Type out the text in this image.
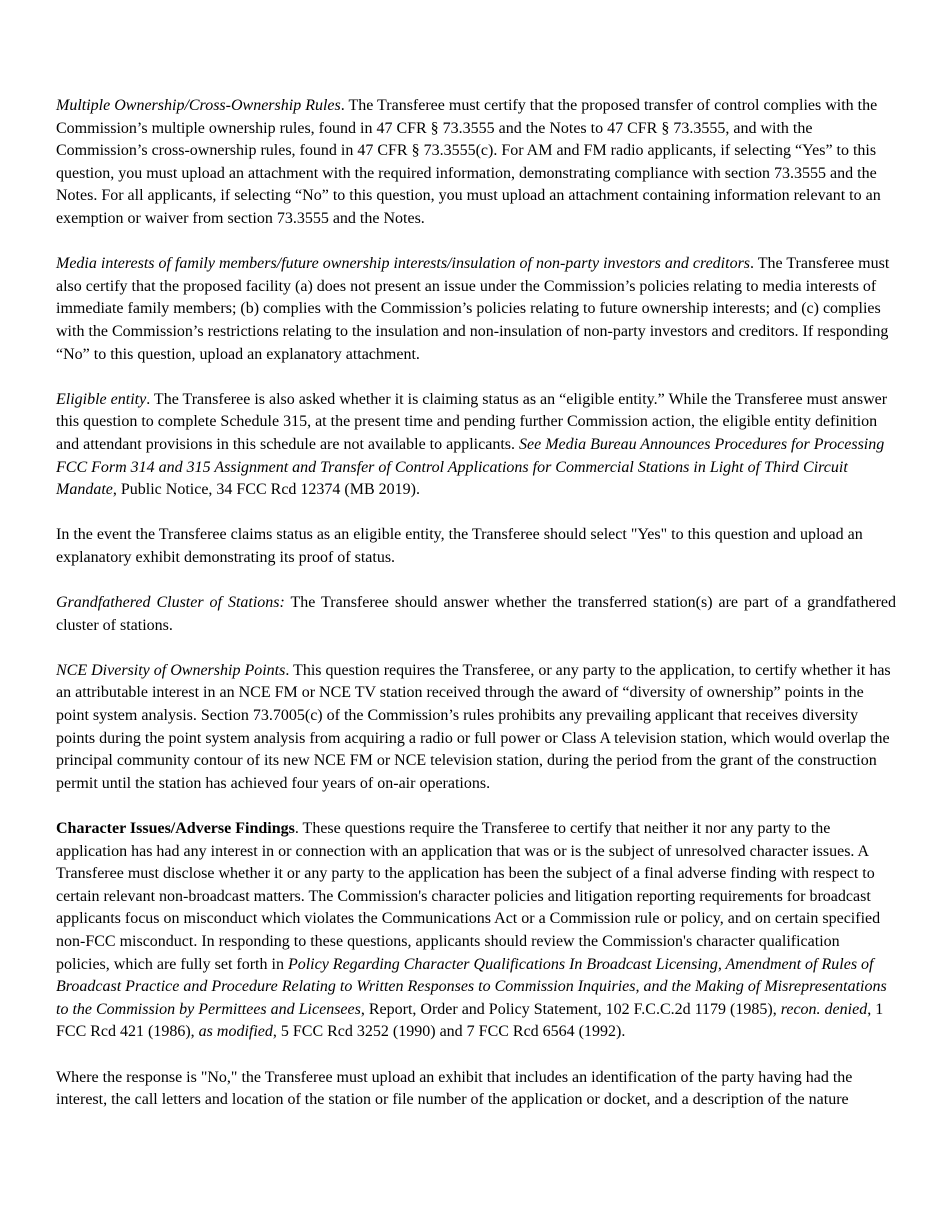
Multiple Ownership/Cross-Ownership Rules. The Transferee must certify that the proposed transfer of control complies with the Commission’s multiple ownership rules, found in 47 CFR § 73.3555 and the Notes to 47 CFR § 73.3555, and with the Commission’s cross-ownership rules, found in 47 CFR § 73.3555(c). For AM and FM radio applicants, if selecting “Yes” to this question, you must upload an attachment with the required information, demonstrating compliance with section 73.3555 and the Notes. For all applicants, if selecting “No” to this question, you must upload an attachment containing information relevant to an exemption or waiver from section 73.3555 and the Notes.

Media interests of family members/future ownership interests/insulation of non-party investors and creditors. The Transferee must also certify that the proposed facility (a) does not present an issue under the Commission’s policies relating to media interests of immediate family members; (b) complies with the Commission’s policies relating to future ownership interests; and (c) complies with the Commission’s restrictions relating to the insulation and non-insulation of non-party investors and creditors. If responding “No” to this question, upload an explanatory attachment.

Eligible entity. The Transferee is also asked whether it is claiming status as an “eligible entity.” While the Transferee must answer this question to complete Schedule 315, at the present time and pending further Commission action, the eligible entity definition and attendant provisions in this schedule are not available to applicants. See Media Bureau Announces Procedures for Processing FCC Form 314 and 315 Assignment and Transfer of Control Applications for Commercial Stations in Light of Third Circuit Mandate, Public Notice, 34 FCC Rcd 12374 (MB 2019).

In the event the Transferee claims status as an eligible entity, the Transferee should select "Yes" to this question and upload an explanatory exhibit demonstrating its proof of status.

Grandfathered Cluster of Stations: The Transferee should answer whether the transferred station(s) are part of a grandfathered cluster of stations.

NCE Diversity of Ownership Points. This question requires the Transferee, or any party to the application, to certify whether it has an attributable interest in an NCE FM or NCE TV station received through the award of “diversity of ownership” points in the point system analysis. Section 73.7005(c) of the Commission’s rules prohibits any prevailing applicant that receives diversity points during the point system analysis from acquiring a radio or full power or Class A television station, which would overlap the principal community contour of its new NCE FM or NCE television station, during the period from the grant of the construction permit until the station has achieved four years of on-air operations.

Character Issues/Adverse Findings. These questions require the Transferee to certify that neither it nor any party to the application has had any interest in or connection with an application that was or is the subject of unresolved character issues. A Transferee must disclose whether it or any party to the application has been the subject of a final adverse finding with respect to certain relevant non-broadcast matters. The Commission's character policies and litigation reporting requirements for broadcast applicants focus on misconduct which violates the Communications Act or a Commission rule or policy, and on certain specified non-FCC misconduct. In responding to these questions, applicants should review the Commission's character qualification policies, which are fully set forth in Policy Regarding Character Qualifications In Broadcast Licensing, Amendment of Rules of Broadcast Practice and Procedure Relating to Written Responses to Commission Inquiries, and the Making of Misrepresentations to the Commission by Permittees and Licensees, Report, Order and Policy Statement, 102 F.C.C.2d 1179 (1985), recon. denied, 1 FCC Rcd 421 (1986), as modified, 5 FCC Rcd 3252 (1990) and 7 FCC Rcd 6564 (1992).

Where the response is "No," the Transferee must upload an exhibit that includes an identification of the party having had the interest, the call letters and location of the station or file number of the application or docket, and a description of the nature
